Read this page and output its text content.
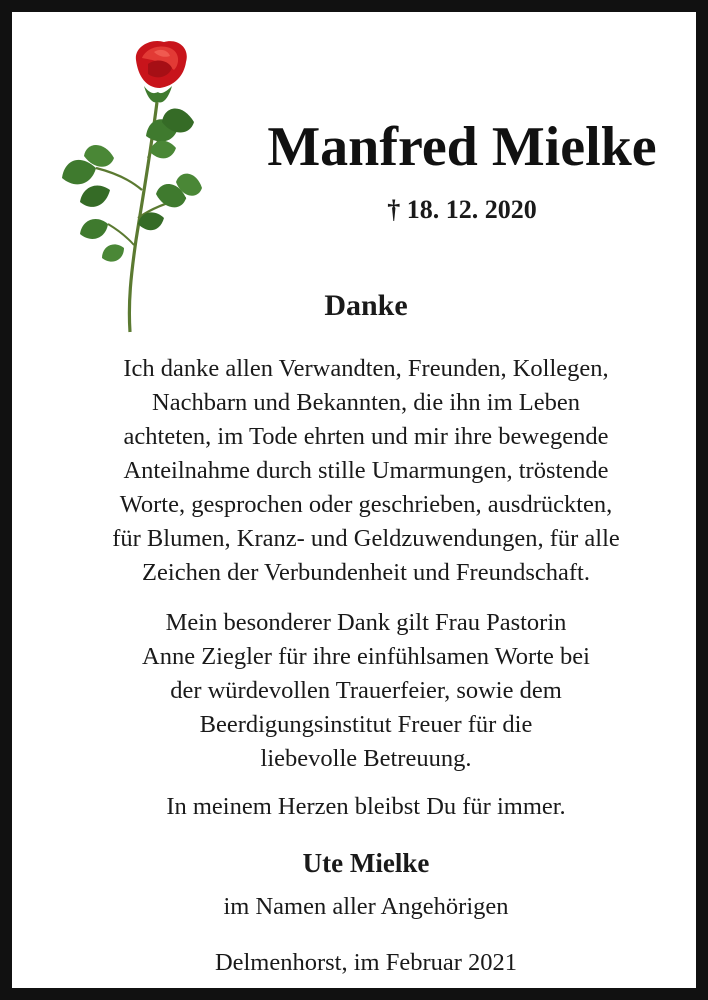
Manfred Mielke
† 18. 12. 2020
Danke
Ich danke allen Verwandten, Freunden, Kollegen,
Nachbarn und Bekannten, die ihn im Leben
achteten, im Tode ehrten und mir ihre bewegende
Anteilnahme durch stille Umarmungen, tröstende
Worte, gesprochen oder geschrieben, ausdrückten,
für Blumen, Kranz- und Geldzuwendungen, für alle
Zeichen der Verbundenheit und Freundschaft.
Mein besonderer Dank gilt Frau Pastorin
Anne Ziegler für ihre einfühlsamen Worte bei
der würdevollen Trauerfeier, sowie dem
Beerdigungsinstitut Freuer für die
liebevolle Betreuung.
In meinem Herzen bleibst Du für immer.
Ute Mielke
im Namen aller Angehörigen
Delmenhorst, im Februar 2021
